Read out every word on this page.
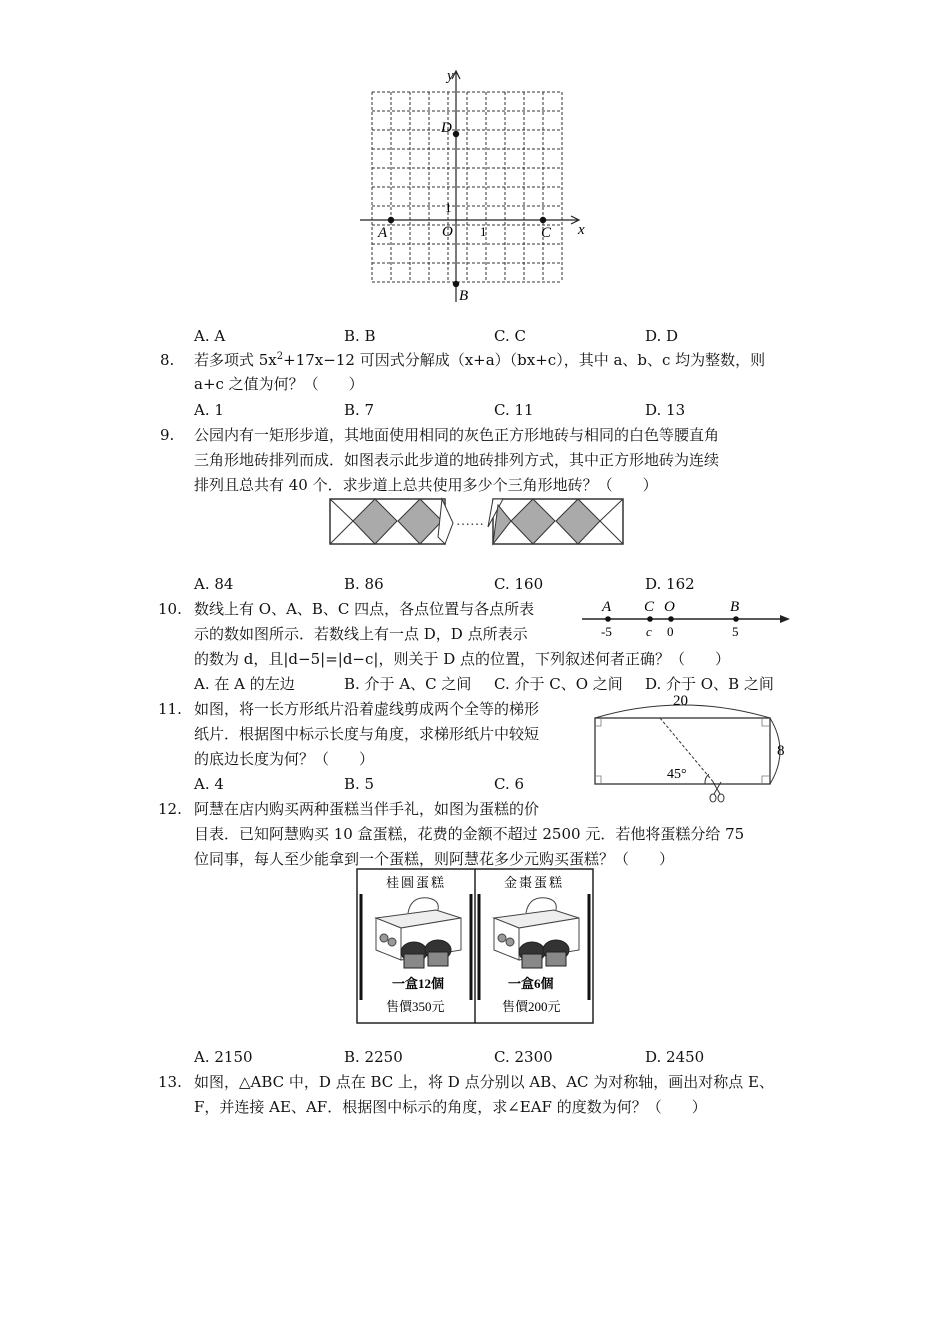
y
x
O
1
1
A	C
D
B
A. A	B. B	C. C	D. D
8. 若多项式 $5x^2+17x-12$ 可因式分解成（x+a）（bx+c），其中 a、b、c 均为整数，则
a+c 之值为何？（　　）
A. 1	B. 7	C. 11	D. 13
9. 公园内有一矩形步道，其地面使用相同的灰色正方形地砖与相同的白色等腰直角
三角形地砖排列而成．如图表示此步道的地砖排列方式，其中正方形地砖为连续
排列且总共有 40 个．求步道上总共使用多少个三角形地砖？（　　）
……
A. 84	B. 86	C. 160	D. 162
10. 数线上有 O、A、B、C 四点，各点位置与各点所表
示的数如图所示．若数线上有一点 D，D 点所表示
的数为 d，且|d−5|=|d−c|，则关于 D 点的位置，下列叙述何者正确？（　　）
A C O	B
-5	c 0	5
A. 在 A 的左边	B. 介于 A、C 之间 C. 介于 C、O 之间 D. 介于 O、B 之间
11. 如图，将一长方形纸片沿着虚线剪成两个全等的梯形
纸片．根据图中标示长度与角度，求梯形纸片中较短
的底边长度为何？（　　）
20
8
45°
A. 4	B. 5	C. 6
12. 阿慧在店内购买两种蛋糕当伴手礼，如图为蛋糕的价
目表．已知阿慧购买 10 盒蛋糕，花费的金额不超过 2500 元．若他将蛋糕分给 75
位同事，每人至少能拿到一个蛋糕，则阿慧花多少元购买蛋糕？（　　）
桂圓蛋糕
一盒12個
售價350元
金棗蛋糕
一盒6個
售價200元
A. 2150	B. 2250	C. 2300	D. 2450
13. 如图，△ABC 中，D 点在 BC 上，将 D 点分别以 AB、AC 为对称轴，画出对称点 E、
F，并连接 AE、AF．根据图中标示的角度，求∠EAF 的度数为何？（　　）
